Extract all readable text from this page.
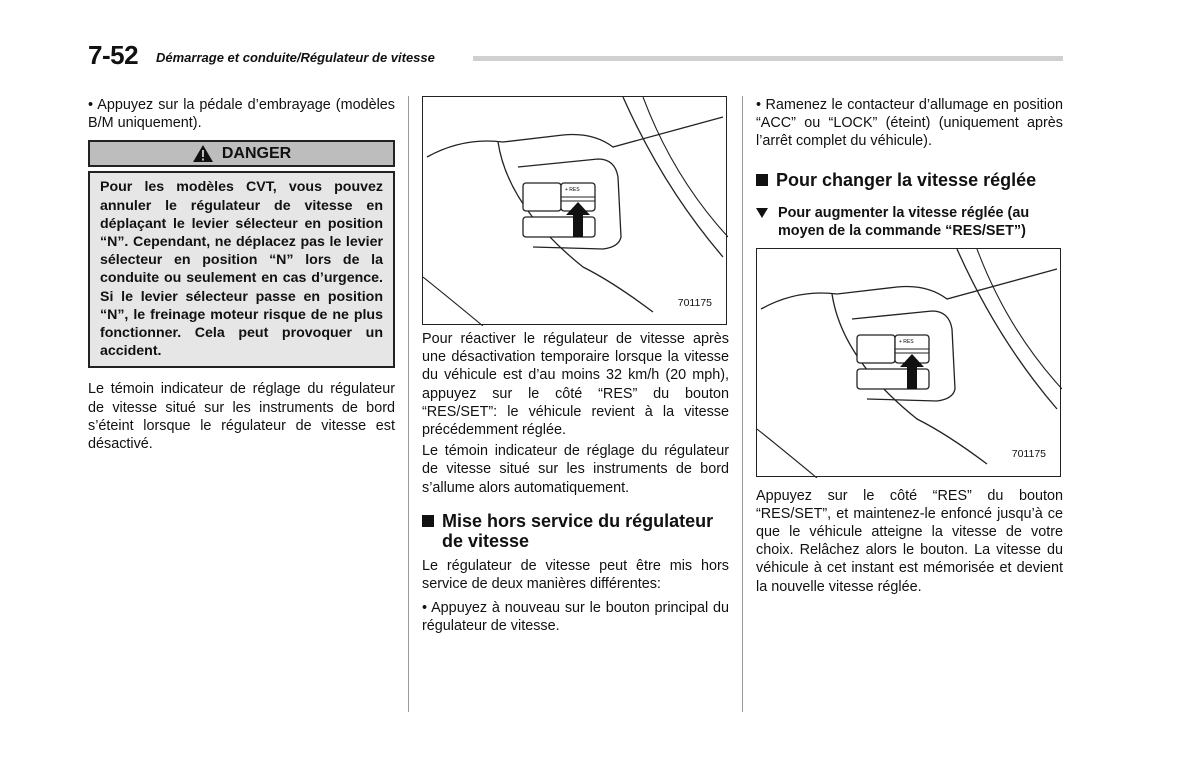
7-52 Démarrage et conduite/Régulateur de vitesse

• Appuyez sur la pédale d’embrayage (modèles B/M uniquement).

DANGER

Pour les modèles CVT, vous pouvez annuler le régulateur de vitesse en déplaçant le levier sélecteur en position “N”. Cependant, ne déplacez pas le levier sélecteur en position “N” lors de la conduite ou seulement en cas d’urgence. Si le levier sélecteur passe en position “N”, le freinage moteur risque de ne plus fonctionner. Cela peut provoquer un accident.

Le témoin indicateur de réglage du régulateur de vitesse situé sur les instruments de bord s’éteint lorsque le régulateur de vitesse est désactivé.

+ RES
701175

Pour réactiver le régulateur de vitesse après une désactivation temporaire lorsque la vitesse du véhicule est d’au moins 32 km/h (20 mph), appuyez sur le côté “RES” du bouton “RES/SET”: le véhicule revient à la vitesse précédemment réglée.

Le témoin indicateur de réglage du régulateur de vitesse situé sur les instruments de bord s’allume alors automatiquement.

Mise hors service du régulateur de vitesse

Le régulateur de vitesse peut être mis hors service de deux manières différentes:

• Appuyez à nouveau sur le bouton principal du régulateur de vitesse.

• Ramenez le contacteur d’allumage en position “ACC” ou “LOCK” (éteint) (uniquement après l’arrêt complet du véhicule).

Pour changer la vitesse réglée
Pour augmenter la vitesse réglée (au moyen de la commande “RES/SET”)
+ RES
701175

Appuyez sur le côté “RES” du bouton “RES/SET”, et maintenez-le enfoncé jusqu’à ce que le véhicule atteigne la vitesse de votre choix. Relâchez alors le bouton. La vitesse du véhicule à cet instant est mémorisée et devient la nouvelle vitesse réglée.
